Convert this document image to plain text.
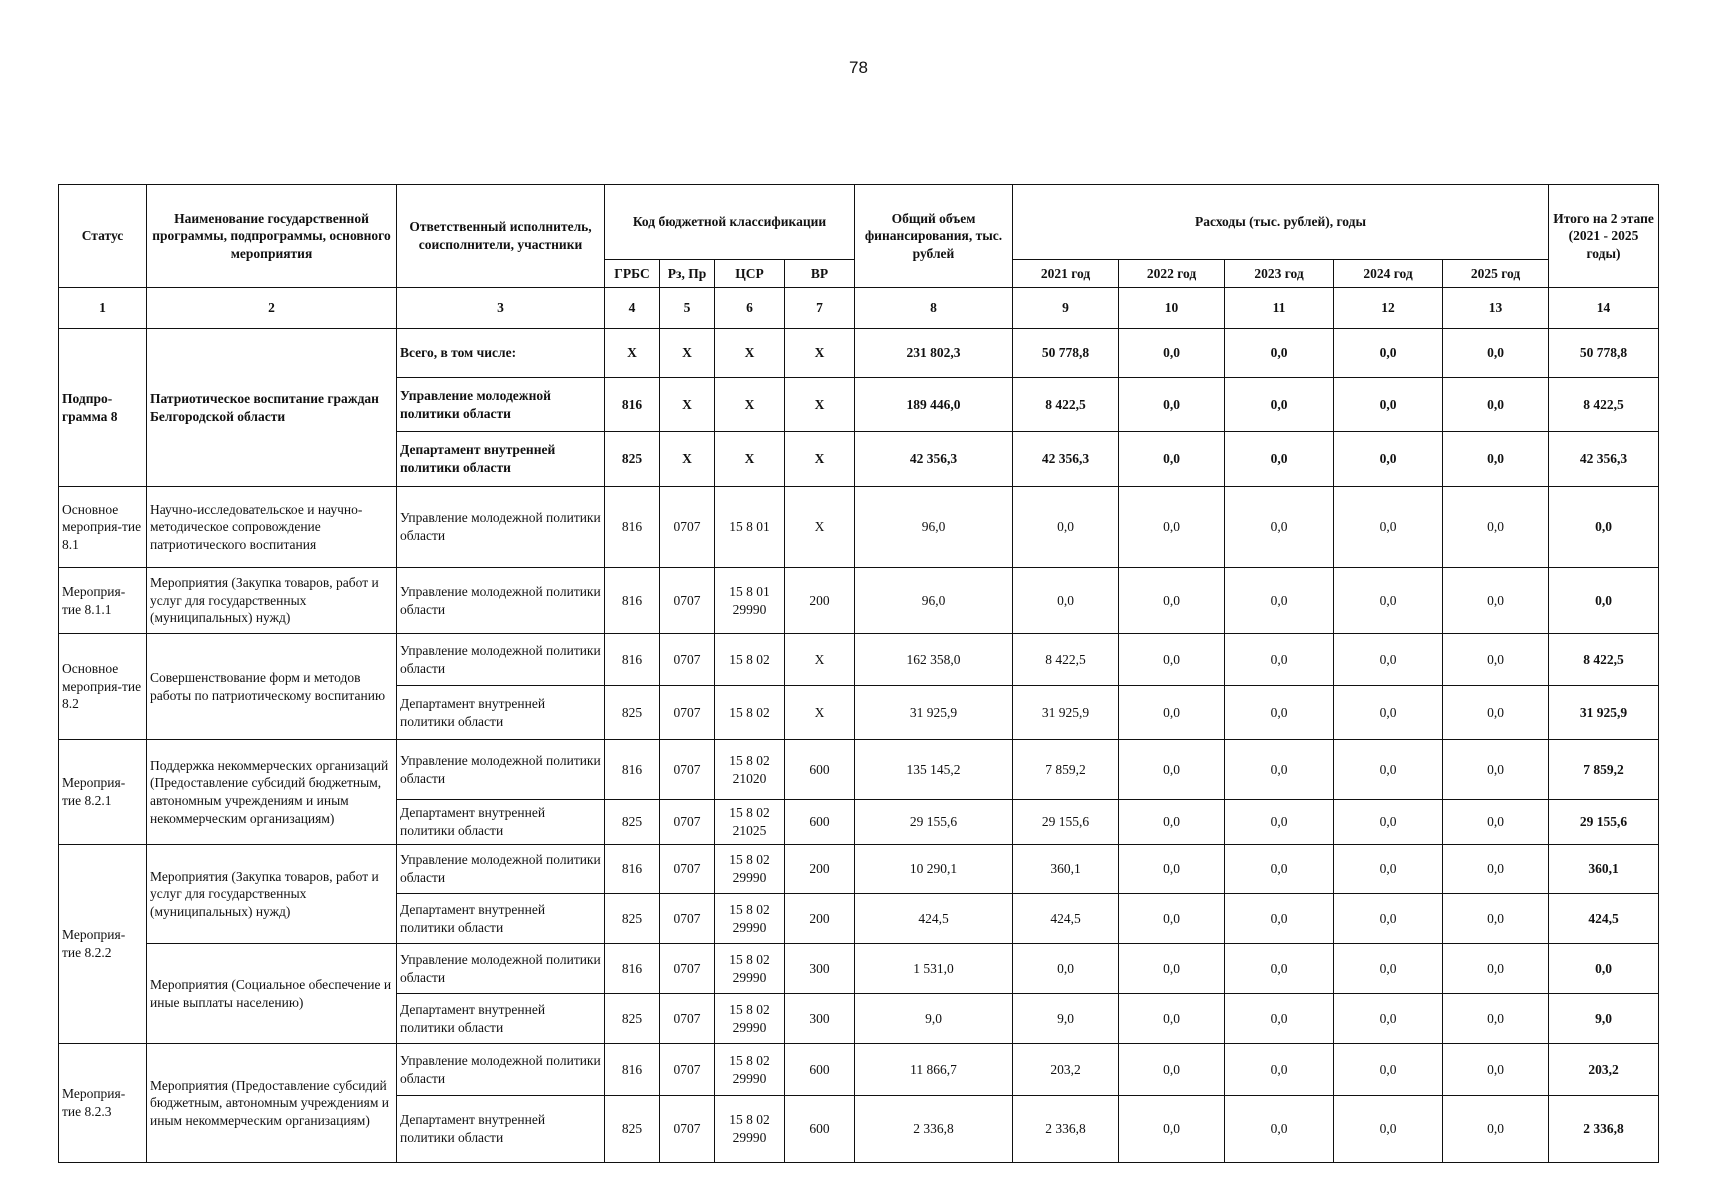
78
Статус	Наименование государственной программы, подпрограммы, основного мероприятия	Ответственный исполнитель, соисполнители, участники	Код бюджетной классификации				Общий объем финансирования, тыс. рублей	Расходы (тыс. рублей), годы					Итого на 2 этапе (2021 - 2025 годы)
			ГРБС	Рз, Пр	ЦСР	ВР		2021 год	2022 год	2023 год	2024 год	2025 год	
1	2	3	4	5	6	7	8	9	10	11	12	13	14
Подпро-грамма 8	Патриотическое воспитание граждан Белгородской области	Всего, в том числе:	X	X	X	X	231 802,3	50 778,8	0,0	0,0	0,0	0,0	50 778,8
		Управление молодежной политики области	816	X	X	X	189 446,0	8 422,5	0,0	0,0	0,0	0,0	8 422,5
		Департамент внутренней политики области	825	X	X	X	42 356,3	42 356,3	0,0	0,0	0,0	0,0	42 356,3
Основное мероприя-тие 8.1	Научно-исследовательское и научно-методическое сопровождение патриотического воспитания	Управление молодежной политики области	816	0707	15 8 01	X	96,0	0,0	0,0	0,0	0,0	0,0	0,0
Мероприя-тие 8.1.1	Мероприятия (Закупка товаров, работ и услуг для государственных (муниципальных) нужд)	Управление молодежной политики области	816	0707	15 8 01 29990	200	96,0	0,0	0,0	0,0	0,0	0,0	0,0
Основное мероприя-тие 8.2	Совершенствование форм и методов работы по патриотическому воспитанию	Управление молодежной политики области	816	0707	15 8 02	X	162 358,0	8 422,5	0,0	0,0	0,0	0,0	8 422,5
		Департамент внутренней политики области	825	0707	15 8 02	X	31 925,9	31 925,9	0,0	0,0	0,0	0,0	31 925,9
Мероприя-тие 8.2.1	Поддержка некоммерческих организаций (Предоставление субсидий бюджетным, автономным учреждениям и иным некоммерческим организациям)	Управление молодежной политики области	816	0707	15 8 02 21020	600	135 145,2	7 859,2	0,0	0,0	0,0	0,0	7 859,2
		Департамент внутренней политики области	825	0707	15 8 02 21025	600	29 155,6	29 155,6	0,0	0,0	0,0	0,0	29 155,6
Мероприя-тие 8.2.2	Мероприятия (Закупка товаров, работ и услуг для государственных (муниципальных) нужд)	Управление молодежной политики области	816	0707	15 8 02 29990	200	10 290,1	360,1	0,0	0,0	0,0	0,0	360,1
		Департамент внутренней политики области	825	0707	15 8 02 29990	200	424,5	424,5	0,0	0,0	0,0	0,0	424,5
	Мероприятия (Социальное обеспечение и иные выплаты населению)	Управление молодежной политики области	816	0707	15 8 02 29990	300	1 531,0	0,0	0,0	0,0	0,0	0,0	0,0
		Департамент внутренней политики области	825	0707	15 8 02 29990	300	9,0	9,0	0,0	0,0	0,0	0,0	9,0
Мероприя-тие 8.2.3	Мероприятия (Предоставление субсидий бюджетным, автономным учреждениям и иным некоммерческим организациям)	Управление молодежной политики области	816	0707	15 8 02 29990	600	11 866,7	203,2	0,0	0,0	0,0	0,0	203,2
		Департамент внутренней политики области	825	0707	15 8 02 29990	600	2 336,8	2 336,8	0,0	0,0	0,0	0,0	2 336,8
